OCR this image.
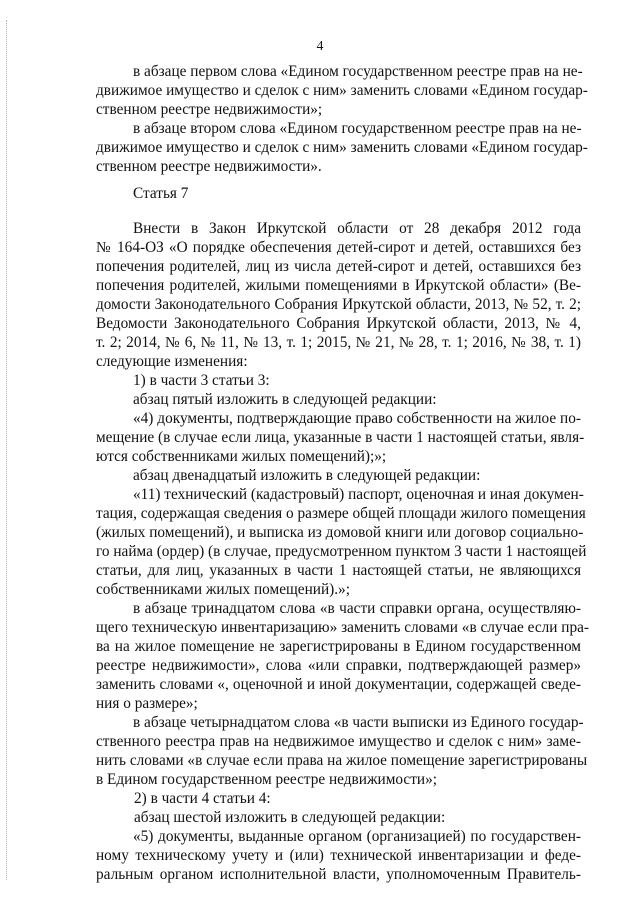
4
в абзаце первом слова «Едином государственном реестре прав на не-
движимое имущество и сделок с ним» заменить словами «Едином государ-
ственном реестре недвижимости»;
в абзаце втором слова «Едином государственном реестре прав на не-
движимое имущество и сделок с ним» заменить словами «Едином государ-
ственном реестре недвижимости».
Статья 7
Внести в Закон Иркутской области от 28 декабря 2012 года
№ 164-ОЗ «О порядке обеспечения детей-сирот и детей, оставшихся без
попечения родителей, лиц из числа детей-сирот и детей, оставшихся без
попечения родителей, жилыми помещениями в Иркутской области» (Ве-
домости Законодательного Собрания Иркутской области, 2013, № 52, т. 2;
Ведомости Законодательного Собрания Иркутской области, 2013, № 4,
т. 2; 2014, № 6, № 11, № 13, т. 1; 2015, № 21, № 28, т. 1; 2016, № 38, т. 1)
следующие изменения:
1) в части 3 статьи 3:
абзац пятый изложить в следующей редакции:
«4) документы, подтверждающие право собственности на жилое по-
мещение (в случае если лица, указанные в части 1 настоящей статьи, явля-
ются собственниками жилых помещений);»;
абзац двенадцатый изложить в следующей редакции:
«11) технический (кадастровый) паспорт, оценочная и иная докумен-
тация, содержащая сведения о размере общей площади жилого помещения
(жилых помещений), и выписка из домовой книги или договор социально-
го найма (ордер) (в случае, предусмотренном пунктом 3 части 1 настоящей
статьи, для лиц, указанных в части 1 настоящей статьи, не являющихся
собственниками жилых помещений).»;
в абзаце тринадцатом слова «в части справки органа, осуществляю-
щего техническую инвентаризацию» заменить словами «в случае если пра-
ва на жилое помещение не зарегистрированы в Едином государственном
реестре недвижимости», слова «или справки, подтверждающей размер»
заменить словами «, оценочной и иной документации, содержащей сведе-
ния о размере»;
в абзаце четырнадцатом слова «в части выписки из Единого государ-
ственного реестра прав на недвижимое имущество и сделок с ним» заме-
нить словами «в случае если права на жилое помещение зарегистрированы
в Едином государственном реестре недвижимости»;
2) в части 4 статьи 4:
абзац шестой изложить в следующей редакции:
«5) документы, выданные органом (организацией) по государствен-
ному техническому учету и (или) технической инвентаризации и феде-
ральным органом исполнительной власти, уполномоченным Правитель-
